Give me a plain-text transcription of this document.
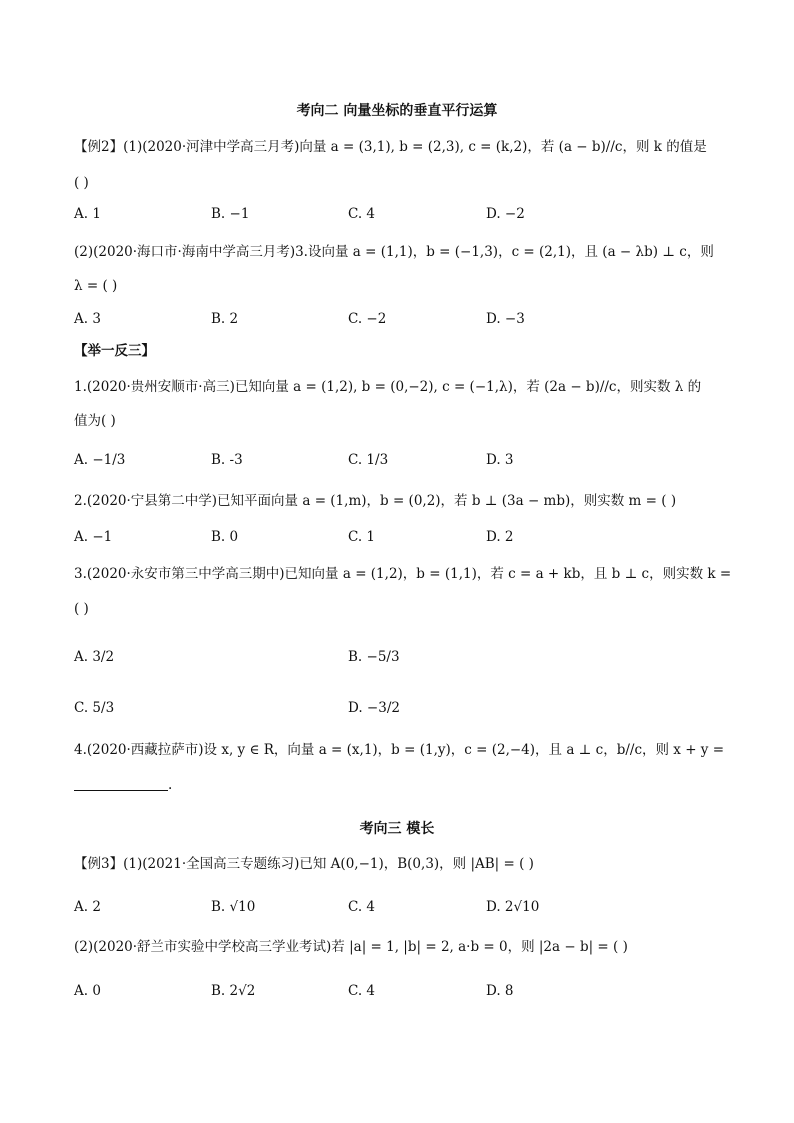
考向二 向量坐标的垂直平行运算
【例2】(1)(2020·河津中学高三月考)向量 a = (3,1), b = (2,3), c = (k,2)，若 (a − b)//c，则 k 的值是
( )
A. 1	B. −1	C. 4	D. −2
(2)(2020·海口市·海南中学高三月考)3.设向量 a = (1,1)，b = (−1,3)，c = (2,1)，且 (a − λb) ⊥ c，则
λ = ( )
A. 3	B. 2	C. −2	D. −3
【举一反三】
1.(2020·贵州安顺市·高三)已知向量 a = (1,2), b = (0,−2), c = (−1,λ)，若 (2a − b)//c，则实数 λ 的
值为( )
A. −1/3	B. -3	C. 1/3	D. 3
2.(2020·宁县第二中学)已知平面向量 a = (1,m)，b = (0,2)，若 b ⊥ (3a − mb)，则实数 m = ( )
A. −1	B. 0	C. 1	D. 2
3.(2020·永安市第三中学高三期中)已知向量 a = (1,2)，b = (1,1)，若 c = a + kb，且 b ⊥ c，则实数 k =
( )
A. 3/2	B. −5/3
C. 5/3	D. −3/2
4.(2020·西藏拉萨市)设 x, y ∈ R，向量 a = (x,1)，b = (1,y)，c = (2,−4)，且 a ⊥ c，b//c，则 x + y =
.
考向三 模长
【例3】(1)(2021·全国高三专题练习)已知 A(0,−1)，B(0,3)，则 |AB| = ( )
A. 2	B. √10	C. 4	D. 2√10
(2)(2020·舒兰市实验中学校高三学业考试)若 |a| = 1, |b| = 2, a·b = 0，则 |2a − b| = ( )
A. 0	B. 2√2	C. 4	D. 8
